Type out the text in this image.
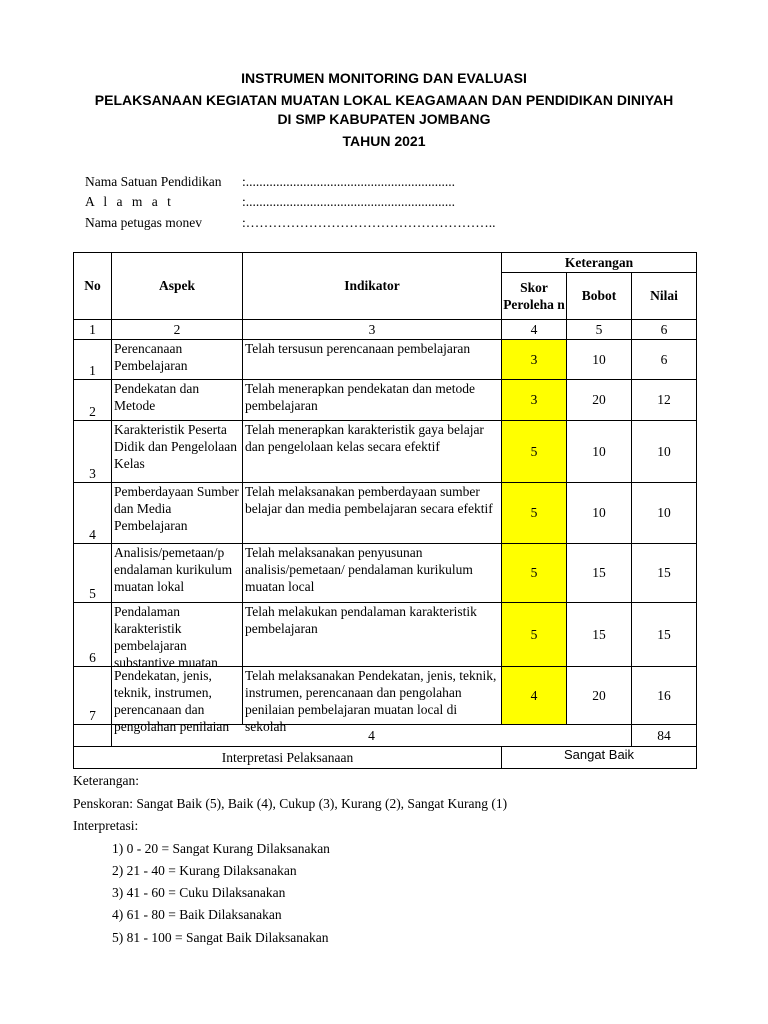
INSTRUMEN MONITORING DAN EVALUASI
PELAKSANAAN KEGIATAN MUATAN LOKAL KEAGAMAAN DAN PENDIDIKAN DINIYAH
DI SMP KABUPATEN JOMBANG
TAHUN 2021
Nama Satuan Pendidikan :..............................................................
A l a m a t	:..............................................................
Nama petugas monev	:………………………………………………..
No	Aspek	Indikator	Keterangan		
			Skor Peroleha n	Bobot	Nilai
1	2	3	4	5	6
1	Perencanaan Pembelajaran	Telah tersusun perencanaan pembelajaran	3	10	6
2	Pendekatan dan Metode	Telah menerapkan pendekatan dan metode pembelajaran	3	20	12
3	Karakteristik Peserta Didik dan Pengelolaan Kelas	Telah menerapkan karakteristik gaya belajar dan pengelolaan kelas secara efektif	5	10	10
4	Pemberdayaan Sumber dan Media Pembelajaran	Telah melaksanakan pemberdayaan sumber belajar dan media pembelajaran secara efektif	5	10	10
5	Analisis/pemetaan/p endalaman kurikulum muatan lokal	Telah melaksanakan penyusunan analisis/pemetaan/ pendalaman kurikulum muatan local	5	15	15
6	Pendalaman karakteristik pembelajaran substantive muatan	Telah melakukan pendalaman karakteristik pembelajaran	5	15	15
7	Pendekatan, jenis, teknik, instrumen, perencanaan dan pengolahan penilaian	Telah melaksanakan Pendekatan, jenis, teknik, instrumen, perencanaan dan pengolahan penilaian pembelajaran muatan local di sekolah	4	20	16
	4				84
Interpretasi Pelaksanaan			Sangat Baik		
Keterangan:
Penskoran: Sangat Baik (5), Baik (4), Cukup (3), Kurang (2), Sangat Kurang (1)
Interpretasi:
1) 0 - 20 = Sangat Kurang Dilaksanakan
2) 21 - 40 = Kurang Dilaksanakan
3) 41 - 60 = Cuku Dilaksanakan
4) 61 - 80 = Baik Dilaksanakan
5) 81 - 100 = Sangat Baik Dilaksanakan
